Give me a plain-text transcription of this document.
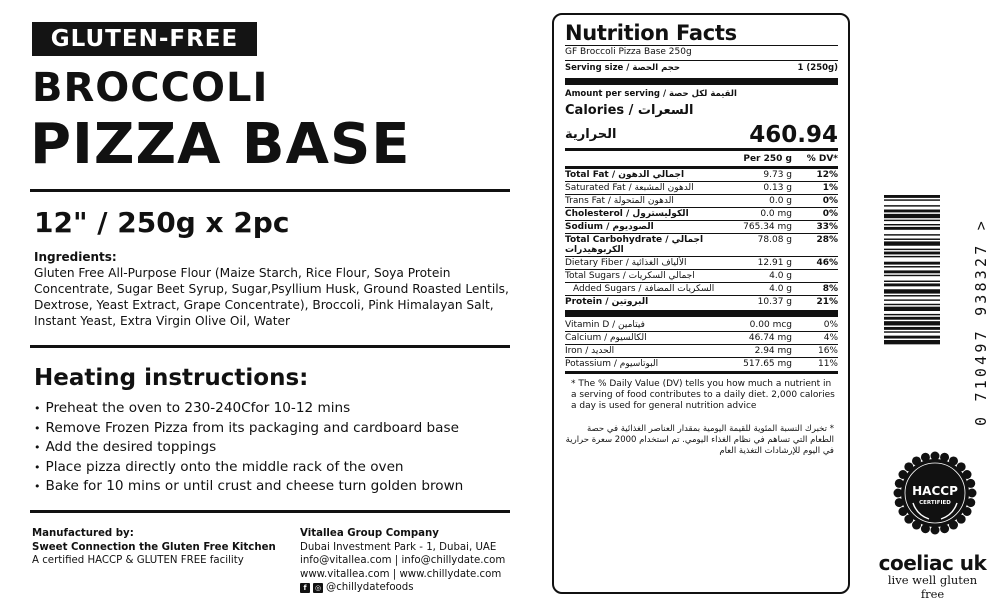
GLUTEN-FREE
BROCCOLI
PIZZA BASE
12" / 250g x 2pc
Ingredients:
Gluten Free All-Purpose Flour (Maize Starch, Rice Flour, Soya Protein Concentrate, Sugar Beet Syrup, Sugar,Psyllium Husk, Ground Roasted Lentils, Dextrose, Yeast Extract, Grape Concentrate), Broccoli, Pink Himalayan Salt, Instant Yeast, Extra Virgin Olive Oil, Water
Heating instructions:
• Preheat the oven to 230-240Cfor 10-12 mins
• Remove Frozen Pizza from its packaging and cardboard base
• Add the desired toppings
• Place pizza directly onto the middle rack of the oven
• Bake for 10 mins or until crust and cheese turn golden brown
Manufactured by:
Sweet Connection the Gluten Free Kitchen
A certified HACCP & GLUTEN FREE facility
Vitallea Group Company
Dubai Investment Park - 1, Dubai, UAE
info@vitallea.com | info@chillydate.com
www.vitallea.com | www.chillydate.com
f	◎ @chillydatefoods
Nutrition Facts
GF Broccoli Pizza Base 250g
Serving size / حجم الحصة	1 (250g)
Amount per serving / القيمة لكل حصة
Calories / السعرات الحرارية	460.94
Per 250 g	% DV*
Total Fat / اجمالي الدهون	9.73 g	12%
Saturated Fat / الدهون المشبعة	0.13 g	1%
Trans Fat / الدهون المتحولة	0.0 g	0%
Cholesterol / الكوليسترول	0.0 mg	0%
Sodium / الصوديوم	765.34 mg	33%
Total Carbohydrate / اجمالي الكربوهيدرات
78.08 g	28%
Dietary Fiber / الألياف الغذائية	12.91 g	46%
Total Sugars / اجمالي السكريات	4.0 g
Added Sugars / السكريات المضافة	4.0 g	8%
Protein / البروتين	10.37 g	21%
Vitamin D / فيتامين	0.00 mcg	0%
Calcium / الكالسيوم	46.74 mg	4%
Iron / الحديد	2.94 mg	16%
Potassium / البوتاسيوم	517.65 mg	11%
* The % Daily Value (DV) tells you how much a nutrient in a serving of food contributes to a daily diet. 2,000 calories a day is used for general nutrition advice
* تخبرك النسبة المئوية للقيمة اليومية بمقدار العناصر الغذائية في حصة الطعام التي تساهم في نظام الغذاء اليومي. تم استخدام 2000 سعرة حرارية في اليوم للإرشادات التغذية العام
0 710497 938327 >
HACCP
CERTIFIED
coeliac uk
live well gluten free
